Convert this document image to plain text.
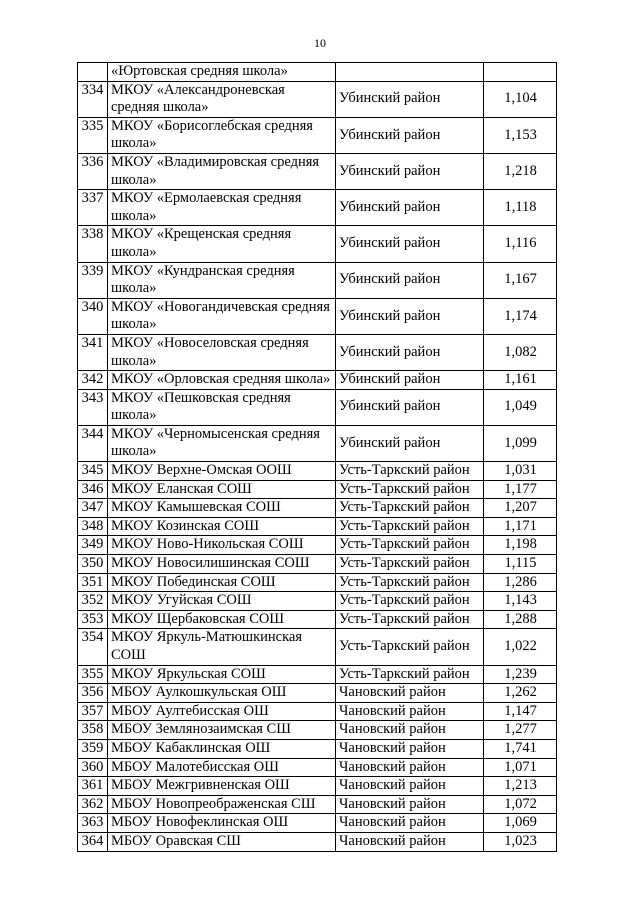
10
	«Юртовская средняя школа»		
334	МКОУ «Александроневская средняя школа»	Убинский район	1,104
335	МКОУ «Борисоглебская средняя школа»	Убинский район	1,153
336	МКОУ «Владимировская средняя школа»	Убинский район	1,218
337	МКОУ «Ермолаевская средняя школа»	Убинский район	1,118
338	МКОУ «Крещенская средняя школа»	Убинский район	1,116
339	МКОУ «Кундранская средняя школа»	Убинский район	1,167
340	МКОУ «Новогандичевская средняя школа»	Убинский район	1,174
341	МКОУ «Новоселовская средняя школа»	Убинский район	1,082
342	МКОУ «Орловская средняя школа»	Убинский район	1,161
343	МКОУ «Пешковская средняя школа»	Убинский район	1,049
344	МКОУ «Черномысенская средняя школа»	Убинский район	1,099
345	МКОУ Верхне-Омская ООШ	Усть-Таркский район	1,031
346	МКОУ Еланская СОШ	Усть-Таркский район	1,177
347	МКОУ Камышевская СОШ	Усть-Таркский район	1,207
348	МКОУ Козинская СОШ	Усть-Таркский район	1,171
349	МКОУ Ново-Никольская СОШ	Усть-Таркский район	1,198
350	МКОУ Новосилишинская СОШ	Усть-Таркский район	1,115
351	МКОУ Побединская СОШ	Усть-Таркский район	1,286
352	МКОУ Угуйская СОШ	Усть-Таркский район	1,143
353	МКОУ Щербаковская СОШ	Усть-Таркский район	1,288
354	МКОУ Яркуль-Матюшкинская СОШ	Усть-Таркский район	1,022
355	МКОУ Яркульская СОШ	Усть-Таркский район	1,239
356	МБОУ Аулкошкульская ОШ	Чановский район	1,262
357	МБОУ Аултебисская ОШ	Чановский район	1,147
358	МБОУ Землянозаимская СШ	Чановский район	1,277
359	МБОУ Кабаклинская ОШ	Чановский район	1,741
360	МБОУ Малотебисская ОШ	Чановский район	1,071
361	МБОУ Межгривненская ОШ	Чановский район	1,213
362	МБОУ Новопреображенская СШ	Чановский район	1,072
363	МБОУ Новофеклинская ОШ	Чановский район	1,069
364	МБОУ Оравская СШ	Чановский район	1,023
